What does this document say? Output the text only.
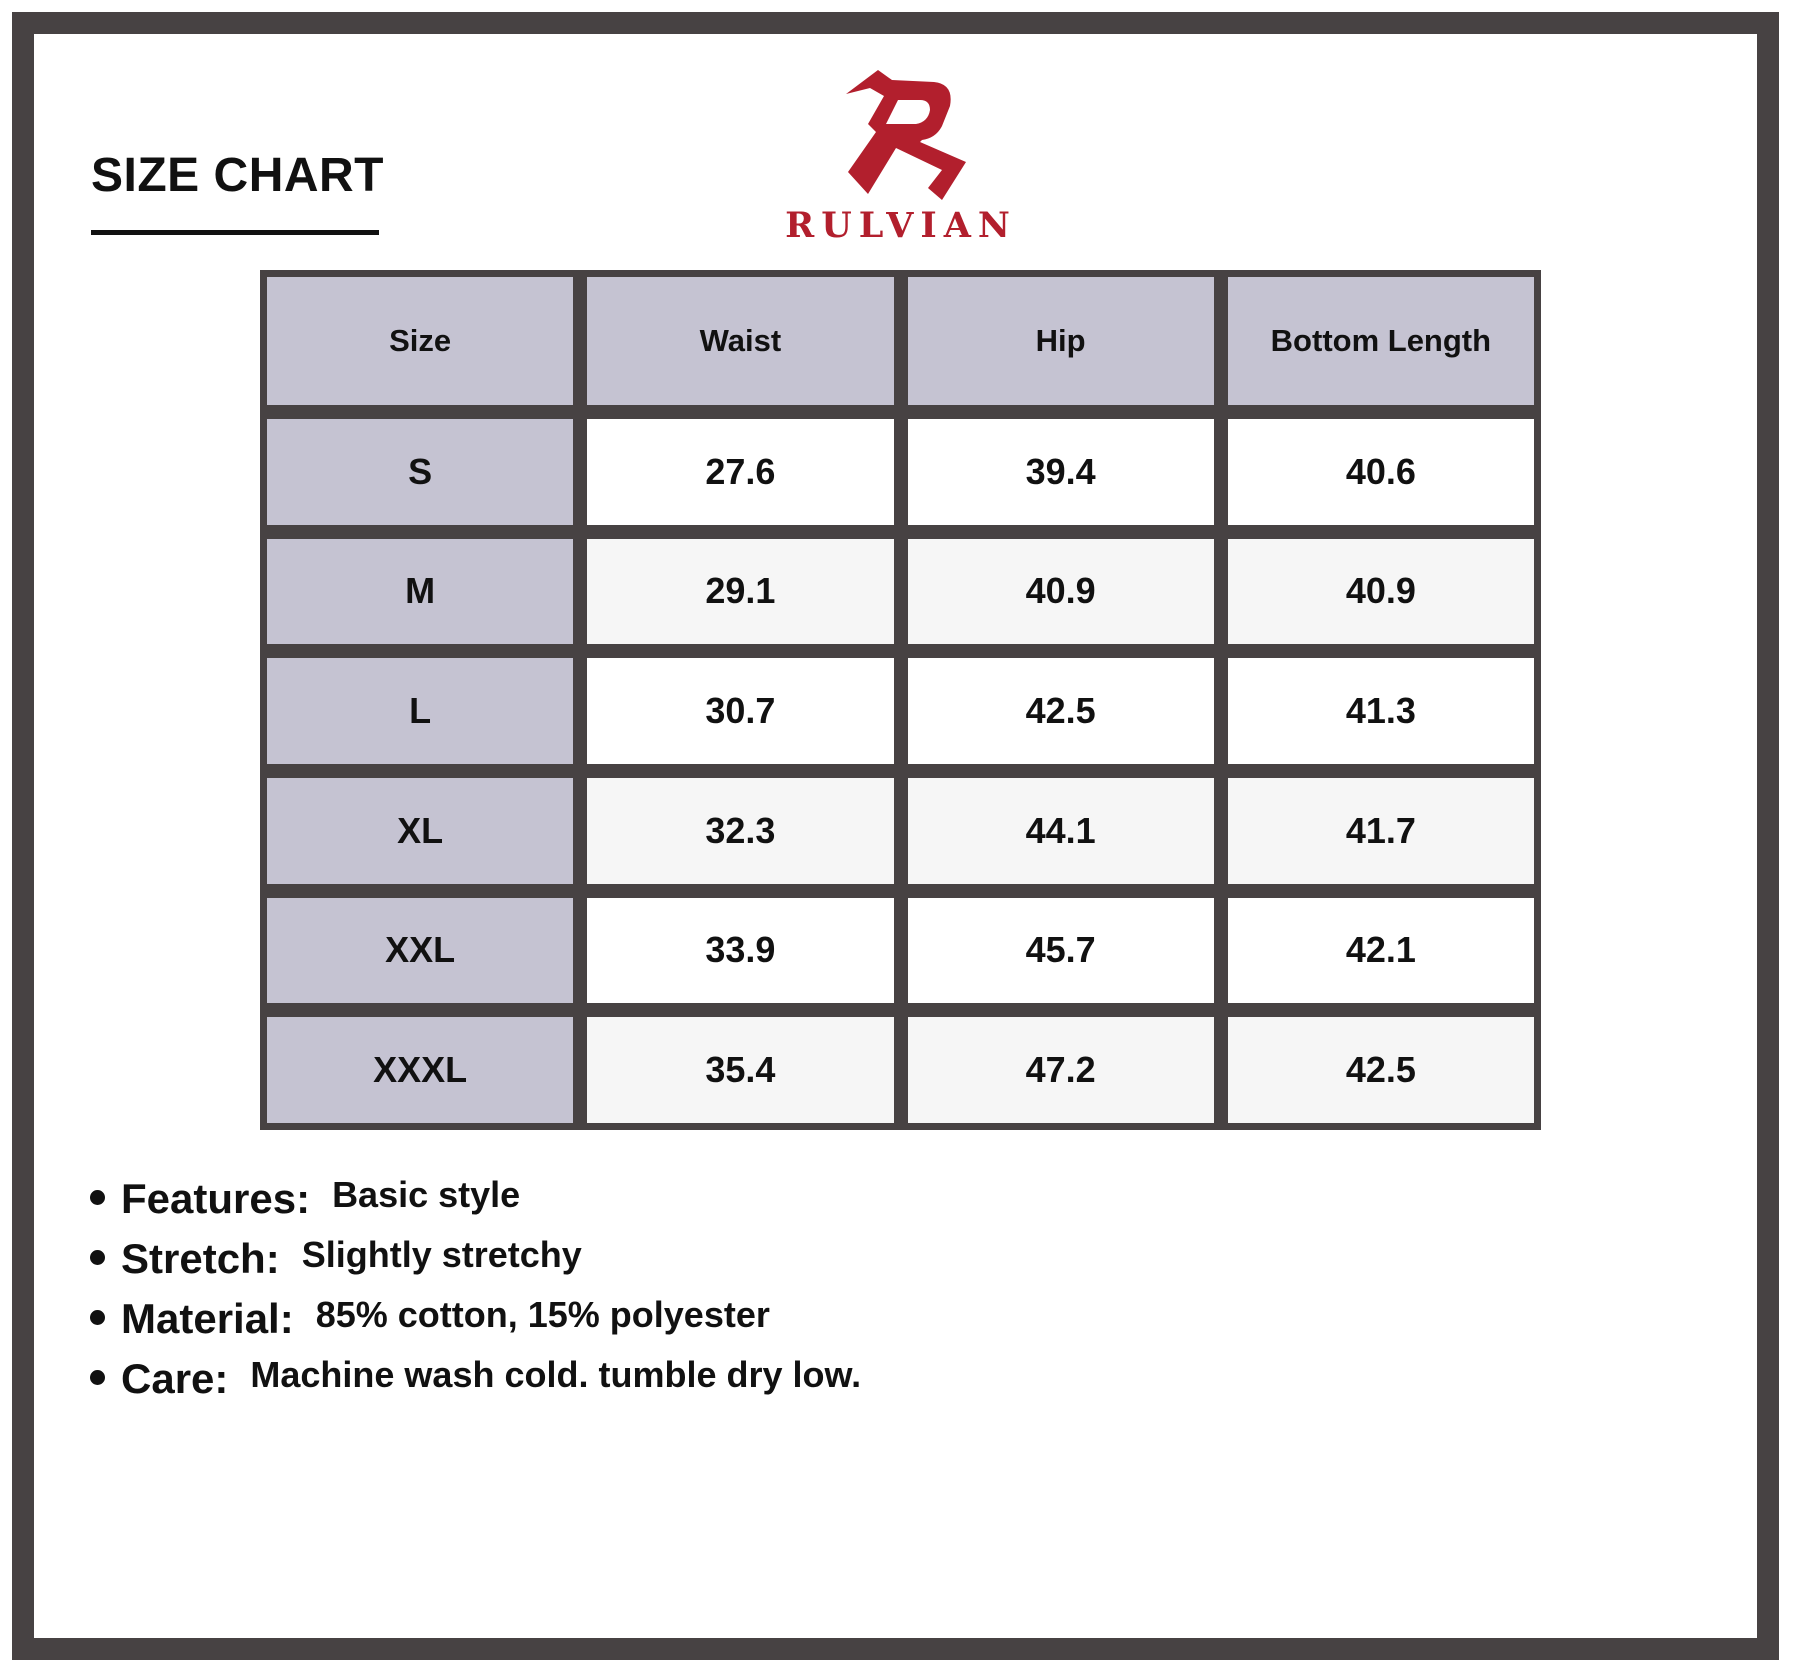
SIZE CHART
RULVIAN
Size	Waist	Hip	Bottom Length
S	27.6	39.4	40.6
M	29.1	40.9	40.9
L	30.7	42.5	41.3
XL	32.3	44.1	41.7
XXL	33.9	45.7	42.1
XXXL	35.4	47.2	42.5
Features: Basic style
Stretch: Slightly stretchy
Material: 85% cotton, 15% polyester
Care: Machine wash cold. tumble dry low.
